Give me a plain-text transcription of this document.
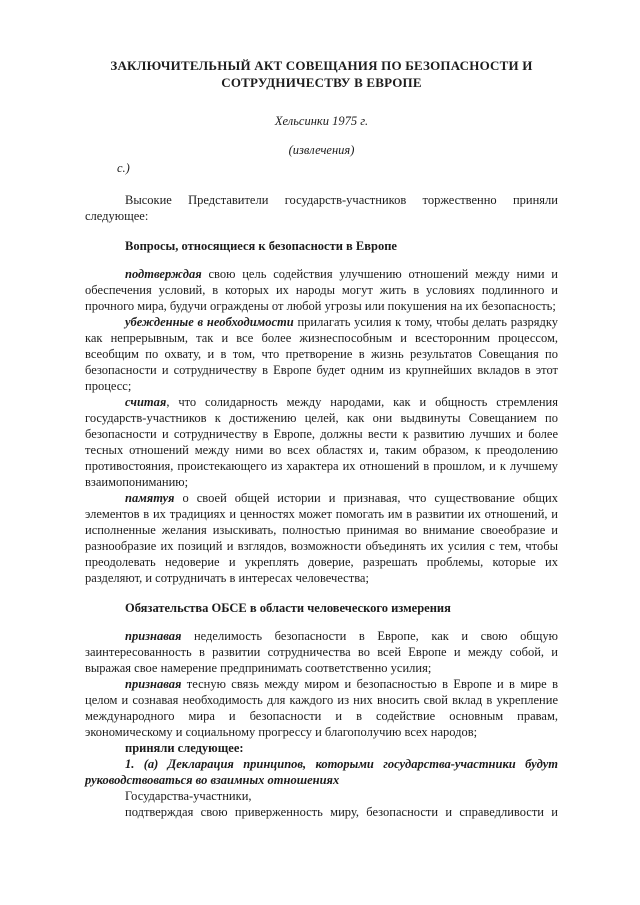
ЗАКЛЮЧИТЕЛЬНЫЙ АКТ СОВЕЩАНИЯ ПО БЕЗОПАСНОСТИ И
СОТРУДНИЧЕСТВУ В ЕВРОПЕ
Хельсинки 1975 г.
(извлечения)
с.)

Высокие Представители государств-участников торжественно приняли следующее:

Вопросы, относящиеся к безопасности в Европе

подтверждая свою цель содействия улучшению отношений между ними и обеспечения условий, в которых их народы могут жить в условиях подлинного и прочного мира, будучи ограждены от любой угрозы или покушения на их безопасность;

убежденные в необходимости прилагать усилия к тому, чтобы делать разрядку как непрерывным, так и все более жизнеспособным и всесторонним процессом, всеобщим по охвату, и в том, что претворение в жизнь результатов Совещания по безопасности и сотрудничеству в Европе будет одним из крупнейших вкладов в этот процесс;

считая, что солидарность между народами, как и общность стремления государств-участников к достижению целей, как они выдвинуты Совещанием по безопасности и сотрудничеству в Европе, должны вести к развитию лучших и более тесных отношений между ними во всех областях и, таким образом, к преодолению противостояния, проистекающего из характера их отношений в прошлом, и к лучшему взаимопониманию;

памятуя о своей общей истории и признавая, что существование общих элементов в их традициях и ценностях может помогать им в развитии их отношений, и исполненные желания изыскивать, полностью принимая во внимание своеобразие и разнообразие их позиций и взглядов, возможности объединять их усилия с тем, чтобы преодолевать недоверие и укреплять доверие, разрешать проблемы, которые их разделяют, и сотрудничать в интересах человечества;

Обязательства ОБСЕ в области человеческого измерения

признавая неделимость безопасности в Европе, как и свою общую заинтересованность в развитии сотрудничества во всей Европе и между собой, и выражая свое намерение предпринимать соответственно усилия;

признавая тесную связь между миром и безопасностью в Европе и в мире в целом и сознавая необходимость для каждого из них вносить свой вклад в укрепление международного мира и безопасности и в содействие основным правам, экономическому и социальному прогрессу и благополучию всех народов;

приняли следующее:

1. (а) Декларация принципов, которыми государства-участники будут руководствоваться во взаимных отношениях

Государства-участники,

подтверждая свою приверженность миру, безопасности и справедливости и
